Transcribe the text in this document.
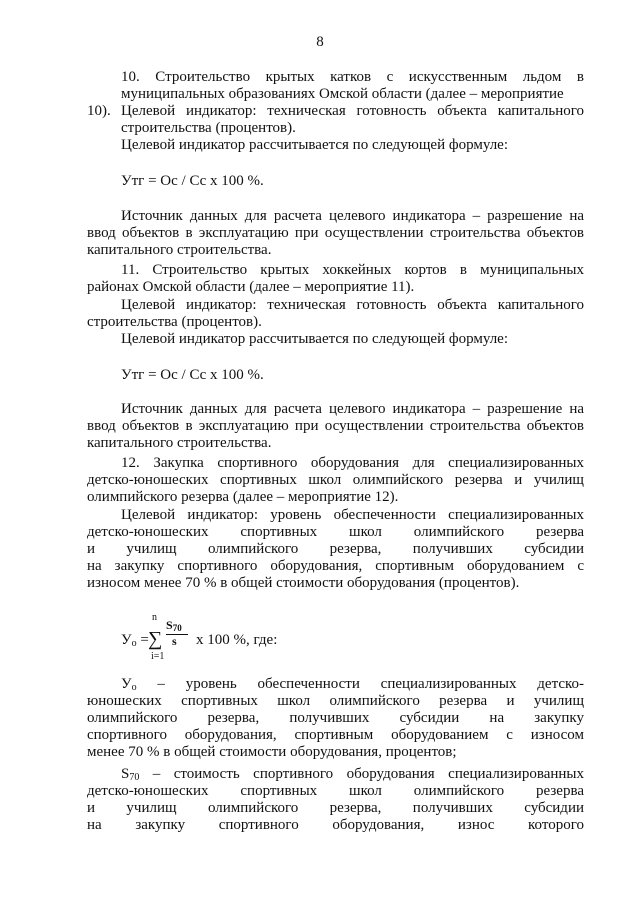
8
10. Строительство крытых катков с искусственным льдом в
муниципальных образованиях Омской области (далее – мероприятие 10). Целевой индикатор: техническая готовность объекта капитального
строительства (процентов).
Целевой индикатор рассчитывается по следующей формуле:
Утг = Ос / Сс х 100 %.
Источник данных для расчета целевого индикатора – разрешение на
ввод объектов в эксплуатацию при осуществлении строительства объектов
капитального строительства.
11. Строительство крытых хоккейных кортов в муниципальных
районах Омской области (далее – мероприятие 11).
Целевой индикатор: техническая готовность объекта капитального
строительства (процентов).
Целевой индикатор рассчитывается по следующей формуле:
Утг = Ос / Сс х 100 %.
Источник данных для расчета целевого индикатора – разрешение на
ввод объектов в эксплуатацию при осуществлении строительства объектов
капитального строительства.
12. Закупка спортивного оборудования для специализированных
детско-юношеских спортивных школ олимпийского резерва и училищ
олимпийского резерва (далее – мероприятие 12).
Целевой индикатор: уровень обеспеченности специализированных
детско-юношеских спортивных школ олимпийского резерва
и училищ олимпийского резерва, получивших субсидии
на закупку спортивного оборудования, спортивным оборудованием с
износом менее 70 % в общей стоимости оборудования (процентов).
$У_о$ =
n
∑
i=1
$S_{70}$
s х 100 %, где:
$У_о$ – уровень обеспеченности специализированных детско-
юношеских спортивных школ олимпийского резерва и училищ
олимпийского резерва, получивших субсидии на закупку
спортивного оборудования, спортивным оборудованием с износом
менее 70 % в общей стоимости оборудования, процентов;
$S_{70}$ – стоимость спортивного оборудования специализированных
детско-юношеских спортивных школ олимпийского резерва
и училищ олимпийского резерва, получивших субсидии
на закупку спортивного оборудования, износ которого
